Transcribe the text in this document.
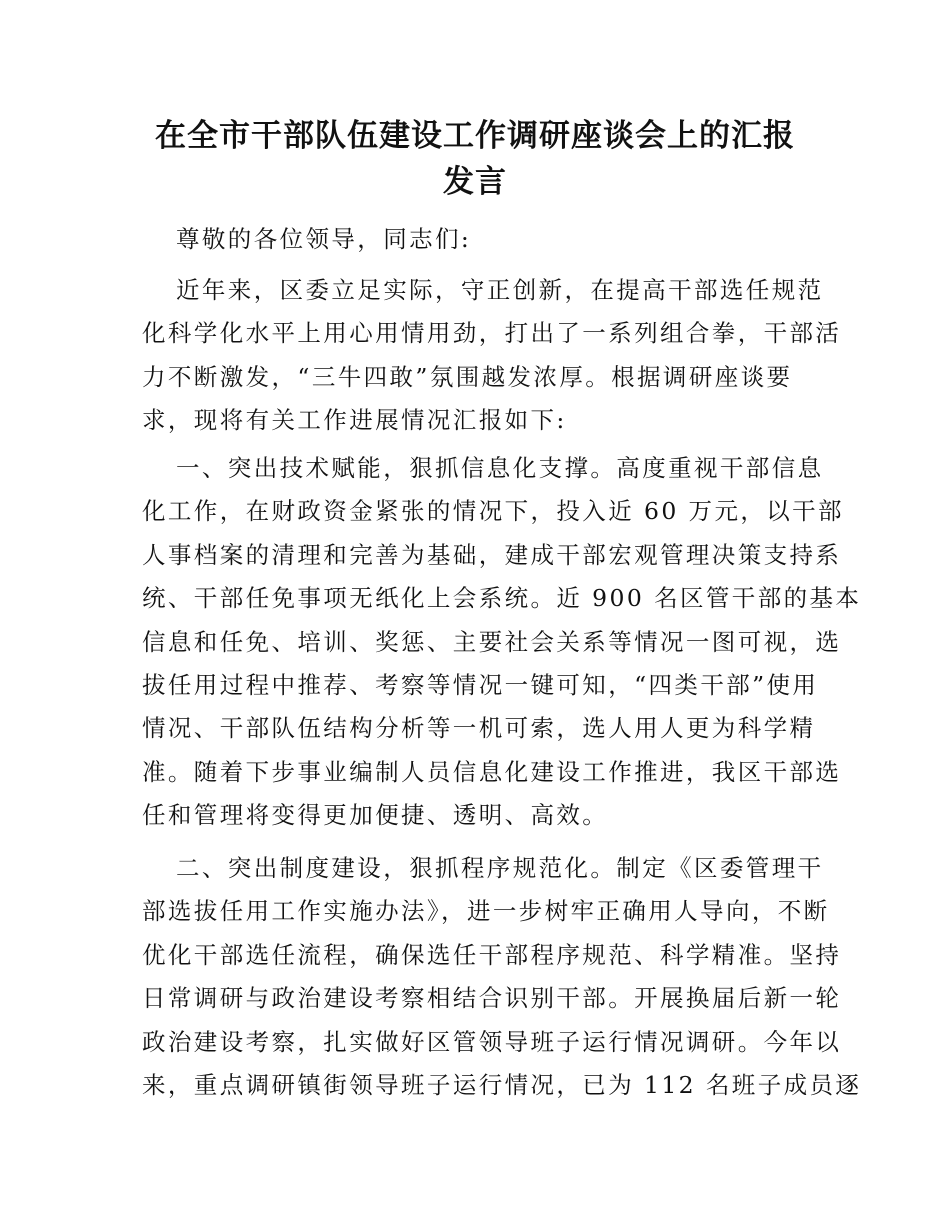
在全市干部队伍建设工作调研座谈会上的汇报
发言
尊敬的各位领导，同志们:
近年来，区委立足实际，守正创新，在提高干部选任规范
化科学化水平上用心用情用劲，打出了一系列组合拳，干部活
力不断激发，“三牛四敢”氛围越发浓厚。根据调研座谈要
求，现将有关工作进展情况汇报如下:
一、突出技术赋能，狠抓信息化支撑。高度重视干部信息
化工作，在财政资金紧张的情况下，投入近 60 万元，以干部
人事档案的清理和完善为基础，建成干部宏观管理决策支持系
统、干部任免事项无纸化上会系统。近 900 名区管干部的基本
信息和任免、培训、奖惩、主要社会关系等情况一图可视，选
拔任用过程中推荐、考察等情况一键可知，“四类干部”使用
情况、干部队伍结构分析等一机可索，选人用人更为科学精
准。随着下步事业编制人员信息化建设工作推进，我区干部选
任和管理将变得更加便捷、透明、高效。
二、突出制度建设，狠抓程序规范化。制定《区委管理干
部选拔任用工作实施办法》，进一步树牢正确用人导向，不断
优化干部选任流程，确保选任干部程序规范、科学精准。坚持
日常调研与政治建设考察相结合识别干部。开展换届后新一轮
政治建设考察，扎实做好区管领导班子运行情况调研。今年以
来，重点调研镇街领导班子运行情况，已为 112 名班子成员逐
